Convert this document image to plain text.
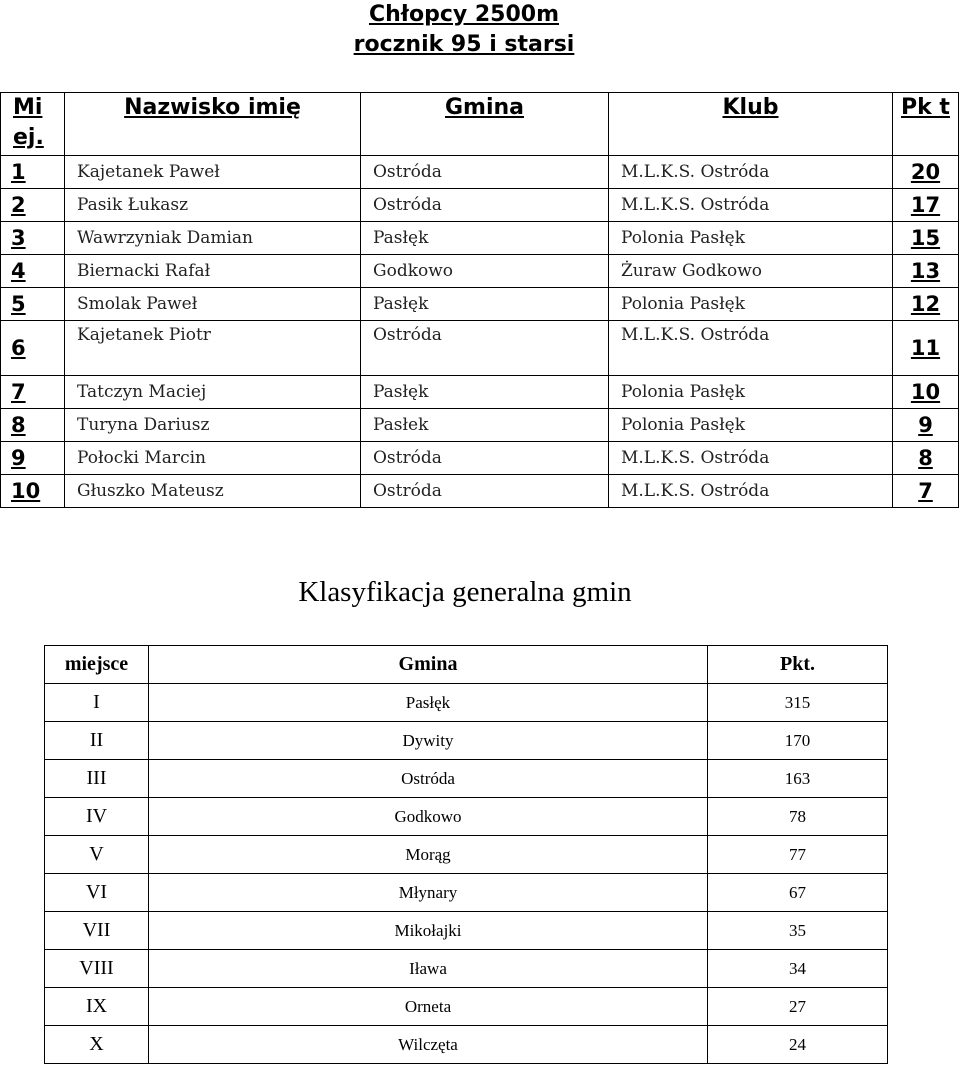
Chłopcy 2500m
rocznik 95 i starsi
Mi ej.	Nazwisko imię	Gmina	Klub	Pk t
1	Kajetanek Paweł	Ostróda	M.L.K.S. Ostróda	20
2	Pasik Łukasz	Ostróda	M.L.K.S. Ostróda	17
3	Wawrzyniak Damian	Pasłęk	Polonia Pasłęk	15
4	Biernacki Rafał	Godkowo	Żuraw Godkowo	13
5	Smolak Paweł	Pasłęk	Polonia Pasłęk	12
6	Kajetanek Piotr	Ostróda	M.L.K.S. Ostróda	11
7	Tatczyn Maciej	Pasłęk	Polonia Pasłęk	10
8	Turyna Dariusz	Pasłek	Polonia Pasłęk	9
9	Połocki Marcin	Ostróda	M.L.K.S. Ostróda	8
10	Głuszko Mateusz	Ostróda	M.L.K.S. Ostróda	7
Klasyfikacja generalna gmin
miejsce	Gmina	Pkt.
I	Pasłęk	315
II	Dywity	170
III	Ostróda	163
IV	Godkowo	78
V	Morąg	77
VI	Młynary	67
VII	Mikołajki	35
VIII	Iława	34
IX	Orneta	27
X	Wilczęta	24
